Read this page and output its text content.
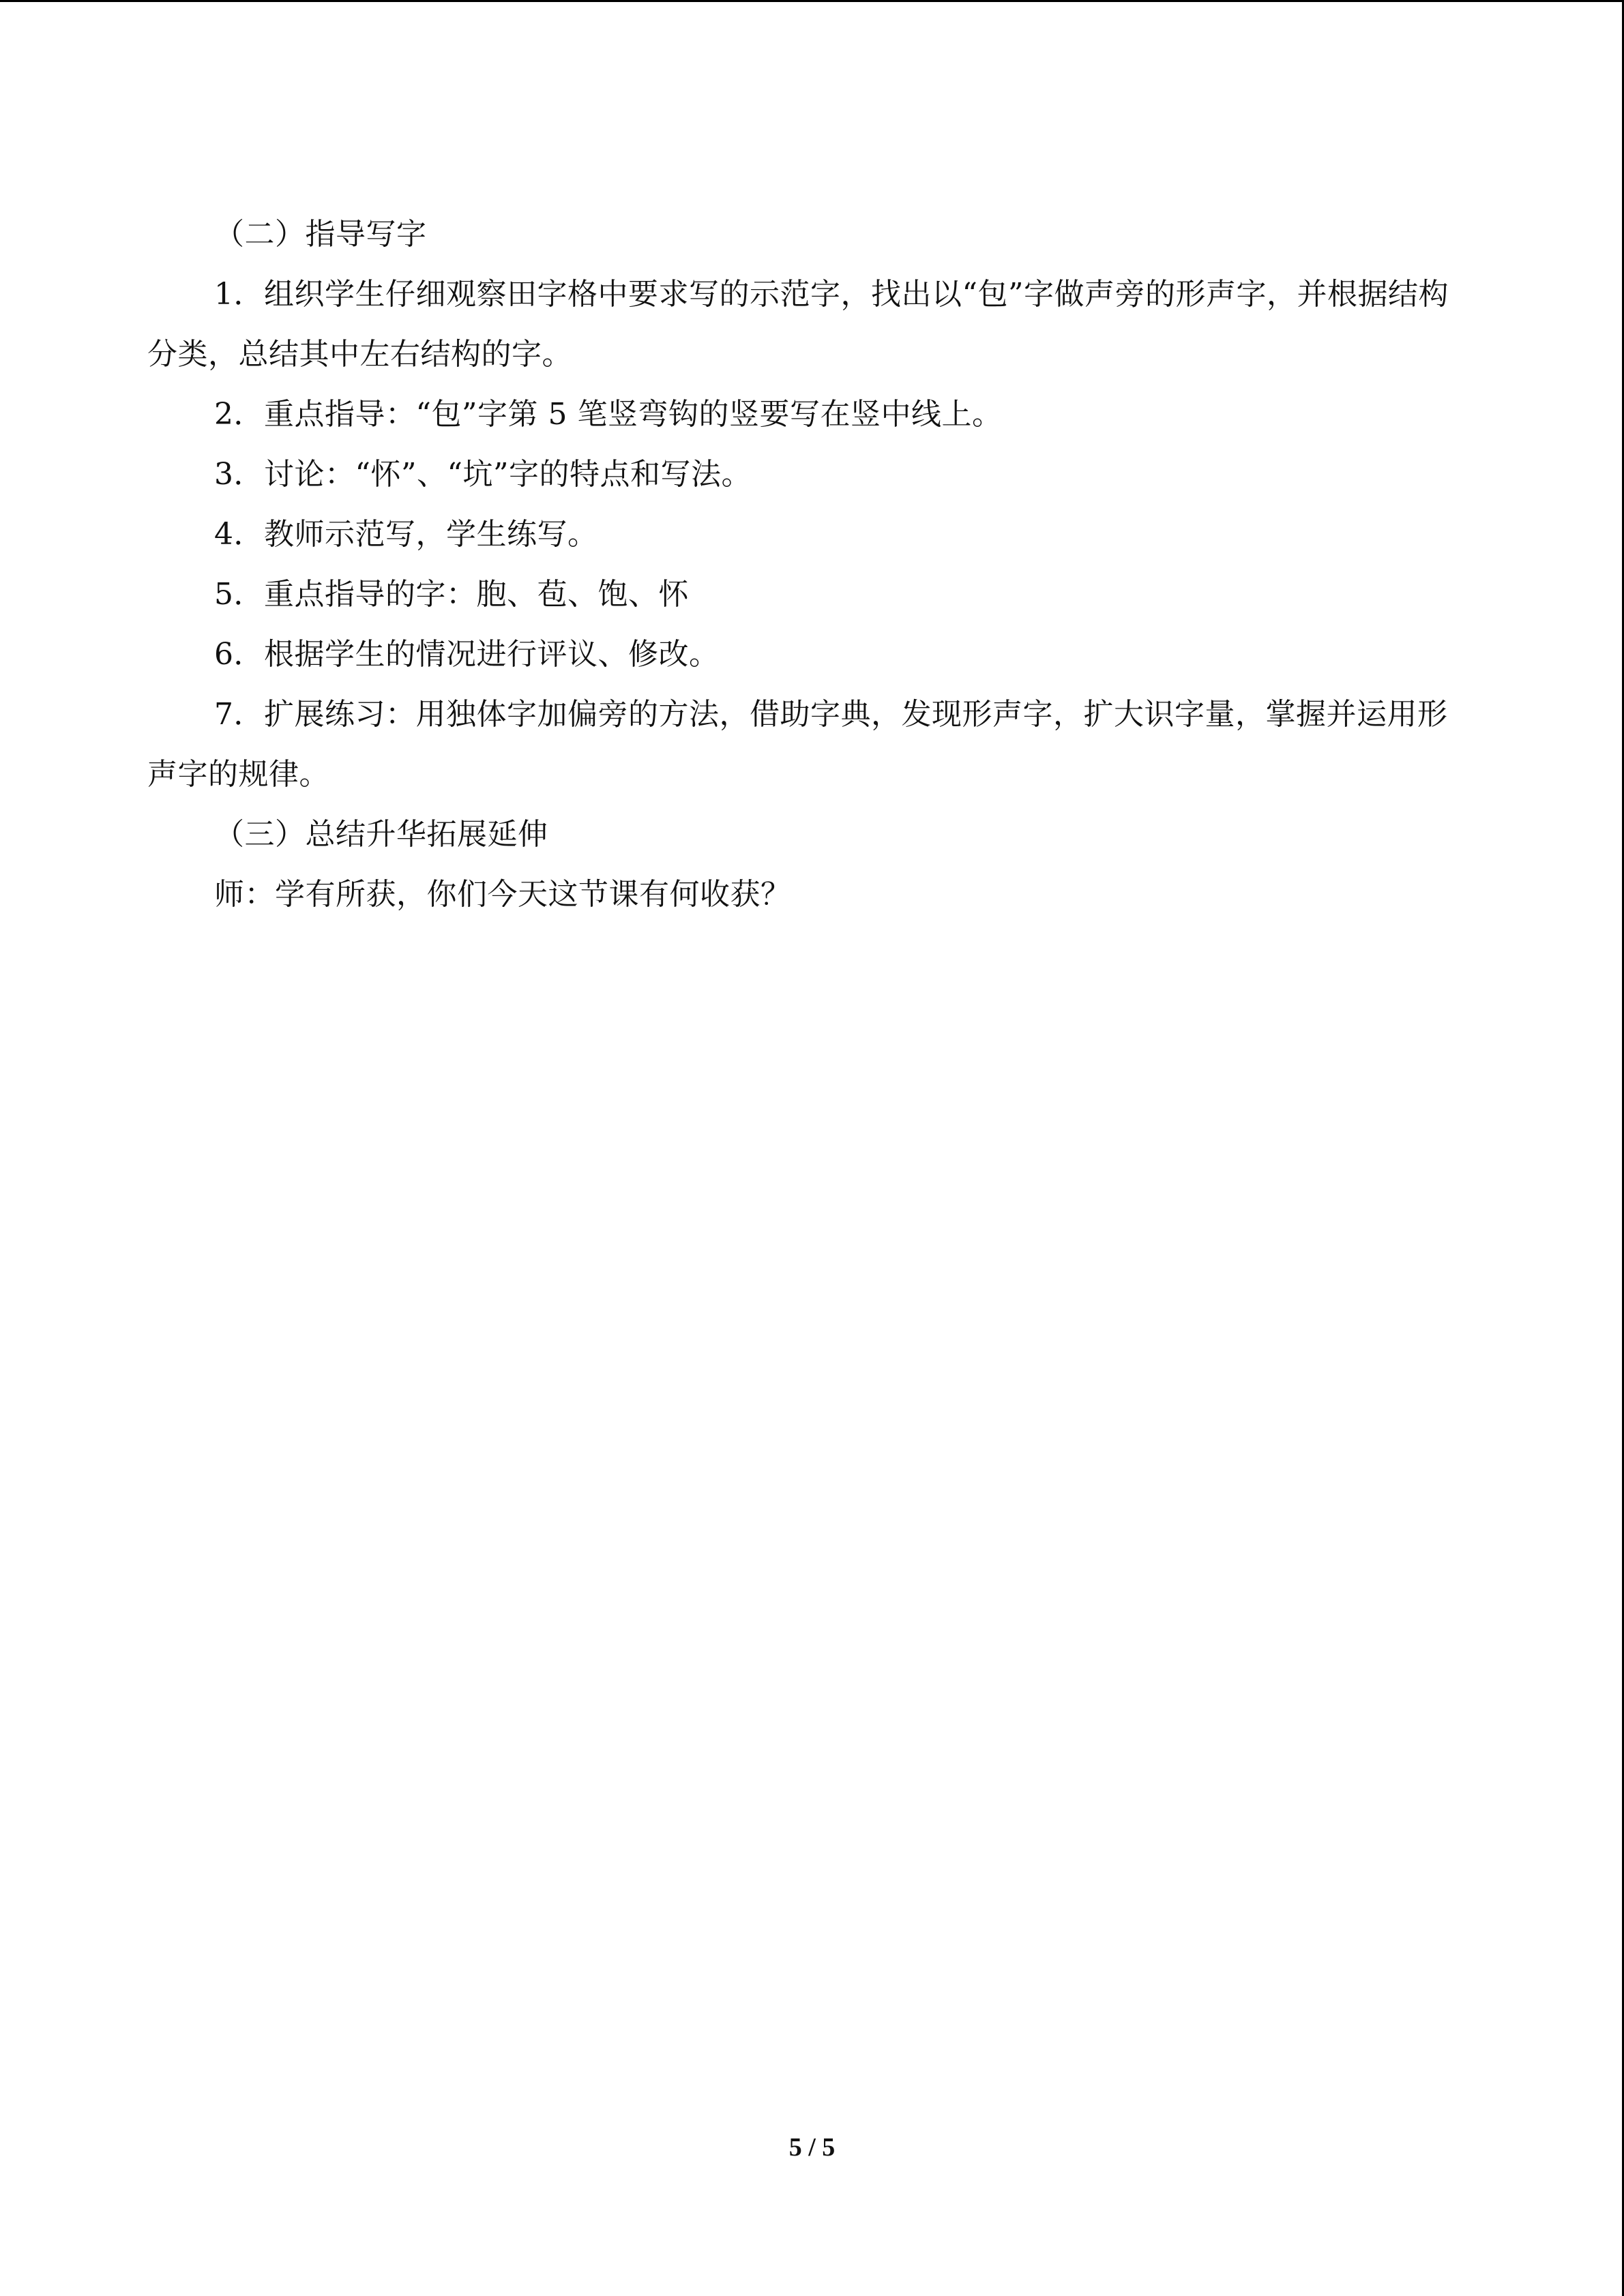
（二）指导写字

1．组织学生仔细观察田字格中要求写的示范字，找出以“包”字做声旁的形声字，并根据结构分类，总结其中左右结构的字。

2．重点指导：“包”字第 5 笔竖弯钩的竖要写在竖中线上。

3．讨论：“怀”、“坑”字的特点和写法。

4．教师示范写，学生练写。

5．重点指导的字：胞、苞、饱、怀

6．根据学生的情况进行评议、修改。

7．扩展练习：用独体字加偏旁的方法，借助字典，发现形声字，扩大识字量，掌握并运用形声字的规律。

（三）总结升华拓展延伸

师：学有所获，你们今天这节课有何收获？

5 / 5
